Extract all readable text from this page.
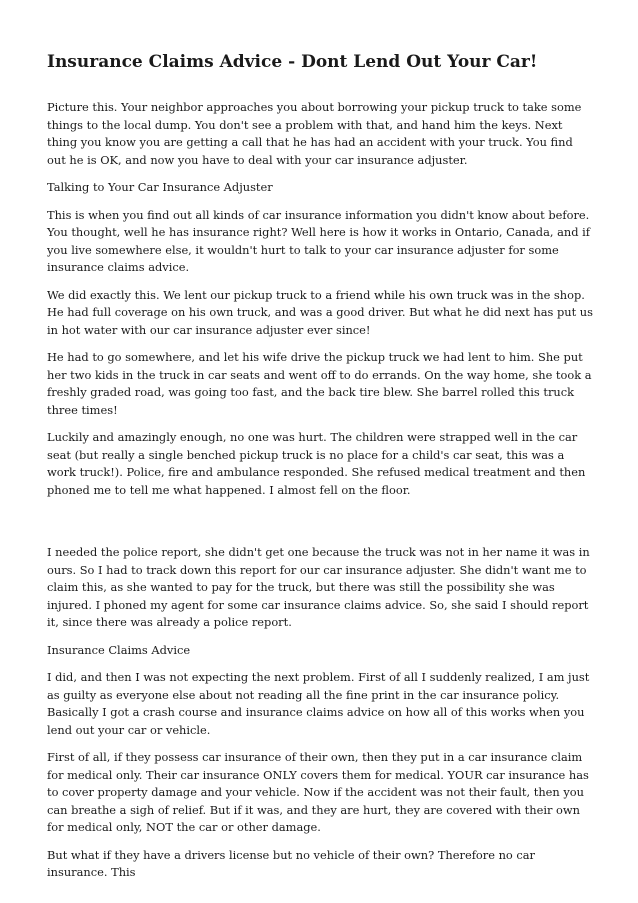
Insurance Claims Advice - Dont Lend Out Your Car!

Picture this. Your neighbor approaches you about borrowing your pickup truck to take some things to the local dump. You don't see a problem with that, and hand him the keys. Next thing you know you are getting a call that he has had an accident with your truck. You find out he is OK, and now you have to deal with your car insurance adjuster.

Talking to Your Car Insurance Adjuster

This is when you find out all kinds of car insurance information you didn't know about before. You thought, well he has insurance right? Well here is how it works in Ontario, Canada, and if you live somewhere else, it wouldn't hurt to talk to your car insurance adjuster for some insurance claims advice.

We did exactly this. We lent our pickup truck to a friend while his own truck was in the shop. He had full coverage on his own truck, and was a good driver. But what he did next has put us in hot water with our car insurance adjuster ever since!

He had to go somewhere, and let his wife drive the pickup truck we had lent to him. She put her two kids in the truck in car seats and went off to do errands. On the way home, she took a freshly graded road, was going too fast, and the back tire blew. She barrel rolled this truck three times!

Luckily and amazingly enough, no one was hurt. The children were strapped well in the car seat (but really a single benched pickup truck is no place for a child's car seat, this was a work truck!). Police, fire and ambulance responded. She refused medical treatment and then phoned me to tell me what happened. I almost fell on the floor.

I needed the police report, she didn't get one because the truck was not in her name it was in ours. So I had to track down this report for our car insurance adjuster. She didn't want me to claim this, as she wanted to pay for the truck, but there was still the possibility she was injured. I phoned my agent for some car insurance claims advice. So, she said I should report it, since there was already a police report.

Insurance Claims Advice

I did, and then I was not expecting the next problem. First of all I suddenly realized, I am just as guilty as everyone else about not reading all the fine print in the car insurance policy. Basically I got a crash course and insurance claims advice on how all of this works when you lend out your car or vehicle.

First of all, if they possess car insurance of their own, then they put in a car insurance claim for medical only. Their car insurance ONLY covers them for medical. YOUR car insurance has to cover property damage and your vehicle. Now if the accident was not their fault, then you can breathe a sigh of relief. But if it was, and they are hurt, they are covered with their own for medical only, NOT the car or other damage.

But what if they have a drivers license but no vehicle of their own? Therefore no car insurance. This
